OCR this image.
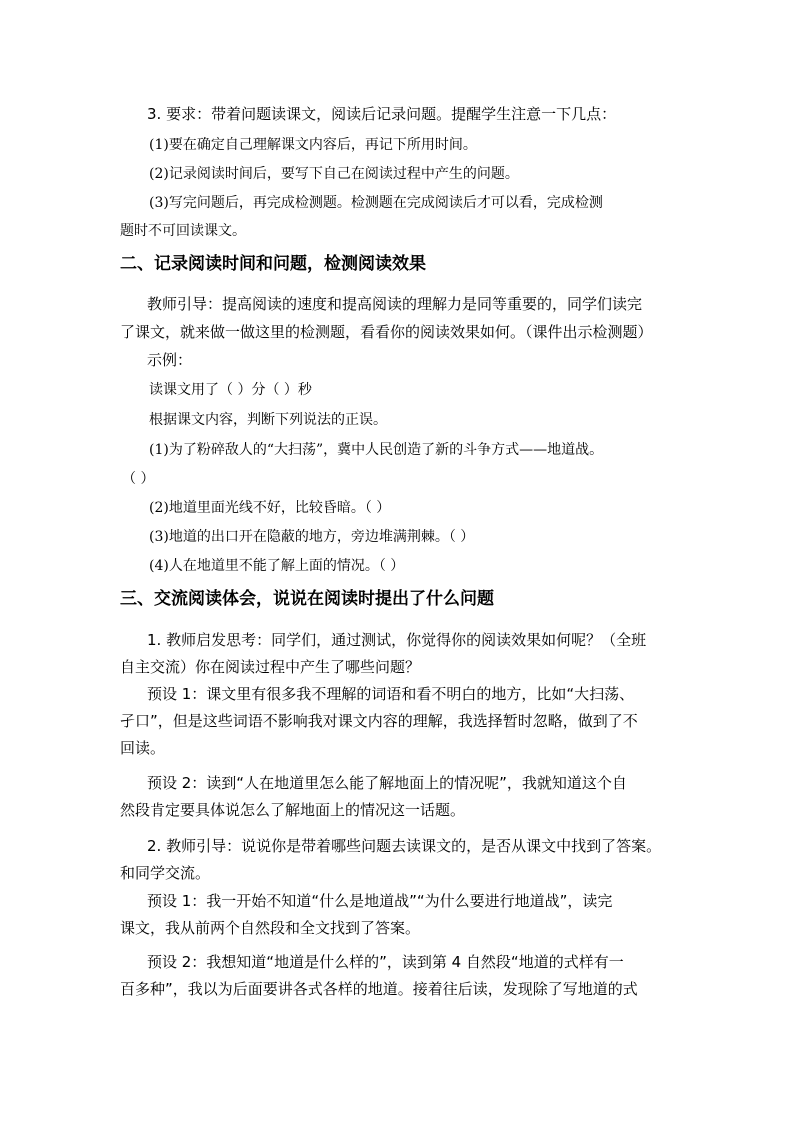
3. 要求：带着问题读课文，阅读后记录问题。提醒学生注意一下几点：
(1)要在确定自己理解课文内容后，再记下所用时间。
(2)记录阅读时间后，要写下自己在阅读过程中产生的问题。
(3)写完问题后，再完成检测题。检测题在完成阅读后才可以看，完成检测
题时不可回读课文。
二、记录阅读时间和问题，检测阅读效果
教师引导：提高阅读的速度和提高阅读的理解力是同等重要的，同学们读完
了课文，就来做一做这里的检测题，看看你的阅读效果如何。（课件出示检测题）
示例：
读课文用了（ ）分（ ）秒
根据课文内容，判断下列说法的正误。
(1)为了粉碎敌人的“大扫荡”，冀中人民创造了新的斗争方式——地道战。
（ ）
(2)地道里面光线不好，比较昏暗。（ ）
(3)地道的出口开在隐蔽的地方，旁边堆满荆棘。（ ）
(4)人在地道里不能了解上面的情况。（ ）
三、交流阅读体会，说说在阅读时提出了什么问题
1. 教师启发思考：同学们，通过测试，你觉得你的阅读效果如何呢？（全班
自主交流）你在阅读过程中产生了哪些问题？
预设 1：课文里有很多我不理解的词语和看不明白的地方，比如“大扫荡、
孑口”，但是这些词语不影响我对课文内容的理解，我选择暂时忽略，做到了不
回读。
预设 2：读到“人在地道里怎么能了解地面上的情况呢”，我就知道这个自
然段肯定要具体说怎么了解地面上的情况这一话题。
2. 教师引导：说说你是带着哪些问题去读课文的，是否从课文中找到了答案。
和同学交流。
预设 1：我一开始不知道“什么是地道战”“为什么要进行地道战”，读完
课文，我从前两个自然段和全文找到了答案。
预设 2：我想知道“地道是什么样的”，读到第 4 自然段“地道的式样有一
百多种”，我以为后面要讲各式各样的地道。接着往后读，发现除了写地道的式
